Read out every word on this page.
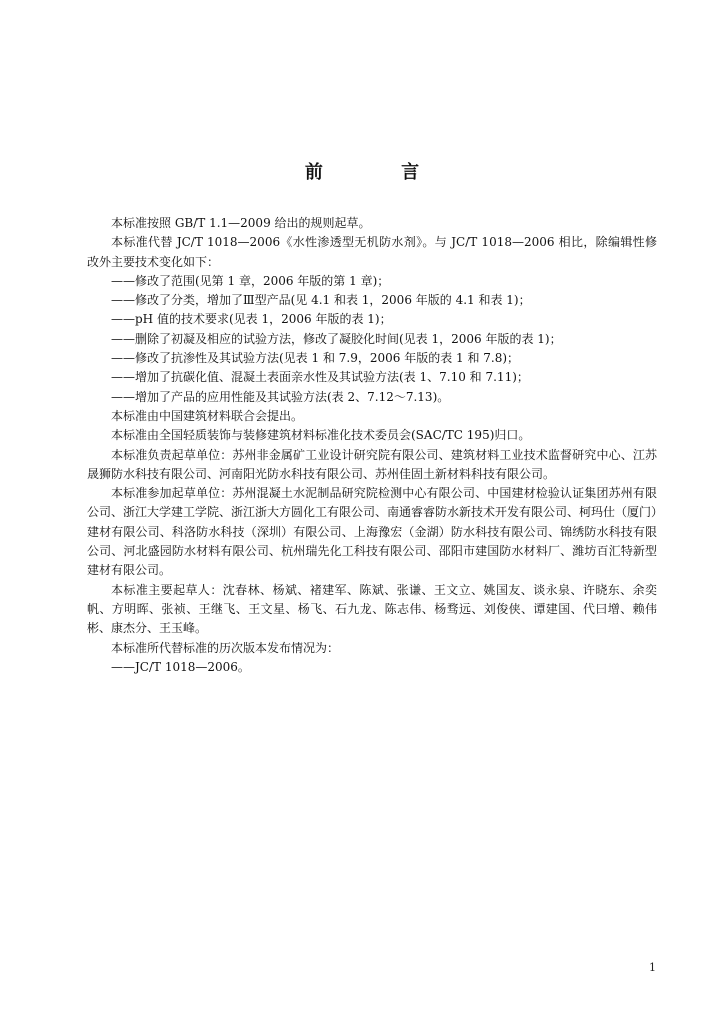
前 言

本标准按照 GB/T 1.1—2009 给出的规则起草。

本标准代替 JC/T 1018—2006《水性渗透型无机防水剂》。与 JC/T 1018—2006 相比，除编辑性修改外主要技术变化如下：

——修改了范围(见第 1 章，2006 年版的第 1 章)；

——修改了分类，增加了Ⅲ型产品(见 4.1 和表 1，2006 年版的 4.1 和表 1)；

——pH 值的技术要求(见表 1，2006 年版的表 1)；

——删除了初凝及相应的试验方法，修改了凝胶化时间(见表 1，2006 年版的表 1)；

——修改了抗渗性及其试验方法(见表 1 和 7.9，2006 年版的表 1 和 7.8)；

——增加了抗碳化值、混凝土表面亲水性及其试验方法(表 1、7.10 和 7.11)；

——增加了产品的应用性能及其试验方法(表 2、7.12～7.13)。

本标准由中国建筑材料联合会提出。

本标准由全国轻质装饰与装修建筑材料标准化技术委员会(SAC/TC 195)归口。

本标准负责起草单位：苏州非金属矿工业设计研究院有限公司、建筑材料工业技术监督研究中心、江苏晟狮防水科技有限公司、河南阳光防水科技有限公司、苏州佳固土新材料科技有限公司。

本标准参加起草单位：苏州混凝土水泥制品研究院检测中心有限公司、中国建材检验认证集团苏州有限公司、浙江大学建工学院、浙江浙大方圆化工有限公司、南通睿睿防水新技术开发有限公司、柯玛仕（厦门）建材有限公司、科洛防水科技（深圳）有限公司、上海豫宏（金湖）防水科技有限公司、锦绣防水科技有限公司、河北盛园防水材料有限公司、杭州瑞先化工科技有限公司、邵阳市建国防水材料厂、潍坊百汇特新型建材有限公司。

本标准主要起草人：沈春林、杨斌、褚建军、陈斌、张谦、王文立、姚国友、谈永泉、许晓东、余奕帆、方明晖、张祯、王继飞、王文星、杨飞、石九龙、陈志伟、杨骛远、刘俊侠、谭建国、代曰增、赖伟彬、康杰分、王玉峰。

本标准所代替标准的历次版本发布情况为：

——JC/T 1018—2006。

1
